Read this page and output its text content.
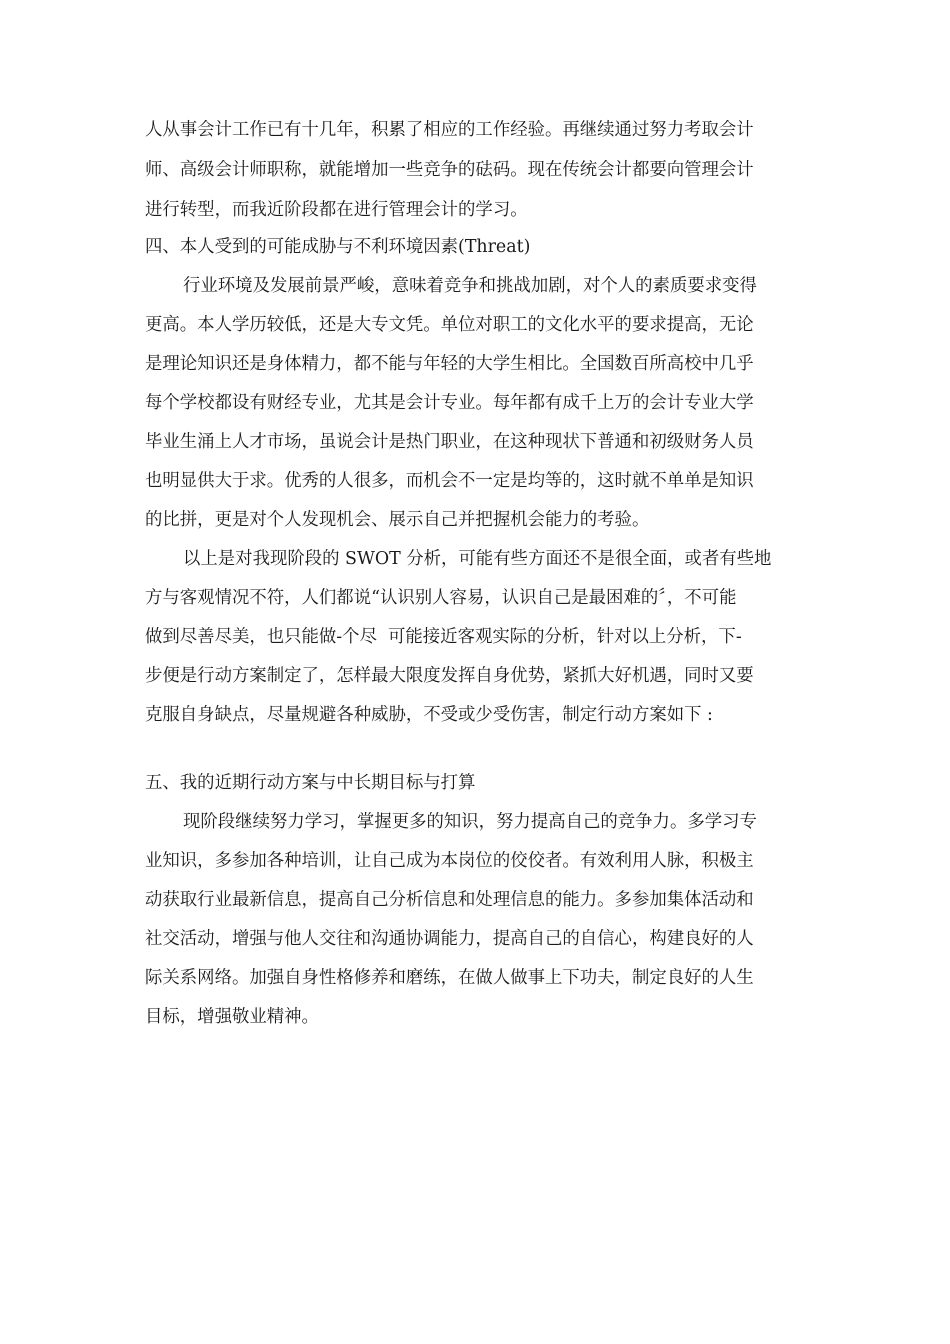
人从事会计工作已有十几年，积累了相应的工作经验。再继续通过努力考取会计
师、高级会计师职称，就能增加一些竞争的砝码。现在传统会计都要向管理会计
进行转型，而我近阶段都在进行管理会计的学习。
四、本人受到的可能成胁与不利环境因素(Threat)
行业环境及发展前景严峻，意味着竞争和挑战加剧，对个人的素质要求变得
更高。本人学历较低，还是大专文凭。单位对职工的文化水平的要求提高，无论
是理论知识还是身体精力，都不能与年轻的大学生相比。全国数百所高校中几乎
每个学校都设有财经专业，尤其是会计专业。每年都有成千上万的会计专业大学
毕业生涌上人才市场，虽说会计是热门职业，在这种现状下普通和初级财务人员
也明显供大于求。优秀的人很多，而机会不一定是均等的，这时就不单单是知识
的比拼，更是对个人发现机会、展示自己并把握机会能力的考验。
以上是对我现阶段的 SWOT 分析，可能有些方面还不是很全面，或者有些地
方与客观情况不符，人们都说“认识别人容易，认识自己是最困难的〞，不可能
做到尽善尽美，也只能做-个尽  可能接近客观实际的分析，针对以上分析，下-
步便是行动方案制定了，怎样最大限度发挥自身优势，紧抓大好机遇，同时又要
克服自身缺点，尽量规避各种威胁，不受或少受伤害，制定行动方案如下 :
五、我的近期行动方案与中长期目标与打算
现阶段继续努力学习，掌握更多的知识，努力提高自己的竞争力。多学习专
业知识，多参加各种培训，让自己成为本岗位的佼佼者。有效利用人脉，积极主
动获取行业最新信息，提高自己分析信息和处理信息的能力。多参加集体活动和
社交活动，增强与他人交往和沟通协调能力，提高自己的自信心，构建良好的人
际关系网络。加强自身性格修养和磨练，在做人做事上下功夫，制定良好的人生
目标，增强敬业精神。
